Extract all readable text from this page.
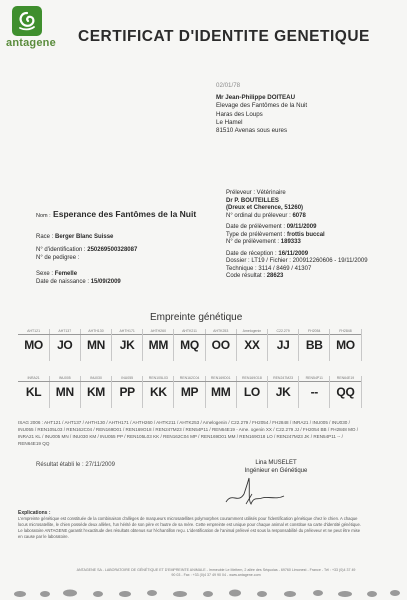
antagene CERTIFICAT D'IDENTITE GENETIQUE
02/01/78
Mr Jean-Philippe DOITEAU
Elevage des Fantômes de la Nuit
Haras des Loups
Le Hamel
81510 Avenas sous eures
Nom : Esperance des Fantômes de la Nuit
Race : Berger Blanc Suisse
N° d'identification : 250269500328087
N° de pedigree :
Sexe : Femelle
Date de naissance : 15/09/2009
Préleveur : Vétérinaire
Dr P. BOUTEILLES
(Dreux et Cherence, 51260)
N° ordinal du préleveur : 6078
Date de prélèvement : 09/11/2009
Type de prélèvement : frottis buccal
N° de prélèvement : 189333
Date de réception : 16/11/2009
Dossier : LT19 / Fichier : 200912260606 - 19/11/2009
Technique : 3114 / 8469 / 41307
Code résultat : 28623
Empreinte génétique
AHT121
MO
AHT137
JO
AHTH130
MN
AHTH171
JK
AHTH260
MM
AHTK211
MQ
AHTK253
OO
Amelogenin
XX
C22.279
JJ
FH2054
BB
FH2848
MO
INRA21
KL
INU005
MN
INU030
KM
INU055
PP
REN105L03
KK
REN162C04
MP
REN169D01
MM
REN169O18
LO
REN247M23
JK
REN54P11
--
REN64E19
QQ
ISAG 2006 : AHT121 / AHT137 / AHTH130 / AHTH171 / AHTH260 / AHTK211 / AHTK253 / Amelogenin / C22.279 / FH2054 / FH2848 / INRA21 / INU005 / INU030 / INU055 / REN105L03 / REN162C04 / REN169D01 / REN169O18 / REN247M23 / REN54P11 / REN64E19 - Ame. ogenin XX / C22.279 JJ / FH2054 BB / FH2848 MO / INRA21 KL / INU005 MN / INU030 KM / INU055 PP / REN105L03 KK / REN162C04 MP / REN169D01 MM / REN169O18 LO / REN247M23 JK / REN54P11 -- / REN64E19 QQ
Résultat établi le : 27/11/2009	Lina MUSELET
Ingénieur en Génétique
Explications :
L'empreinte génétique est constituée de la combinaison d'allèges de marqueurs microsatellites polymorphes couramment utilisés pour l'identification génétique chez le chien. A chaque locus microsatellite, le chien possède deux allèles, l'un hérité de son père et l'autre de sa mère. Cette empreinte est unique pour chaque animal et constitue sa carte d'identité génétique. Le laboratoire ANTAGENE garantit l'exactitude des résultats obtenus sur l'échantillon reçu. L'identification de l'animal prélevé est sous la responsabilité du préleveur et ne peut être mise en cause par le laboratoire.
ANTAGENE SA - LABORATOIRE DE GÉNÉTIQUE ET D'EMPREINTE ANIMALE - Immeuble Le Meltem, 2 allée des Séquoias - 69760 Limonest - France - Tél : +33 (0)4 37 49 90 03 - Fax : +33 (0)4 37 49 90 04 - www.antagene.com
